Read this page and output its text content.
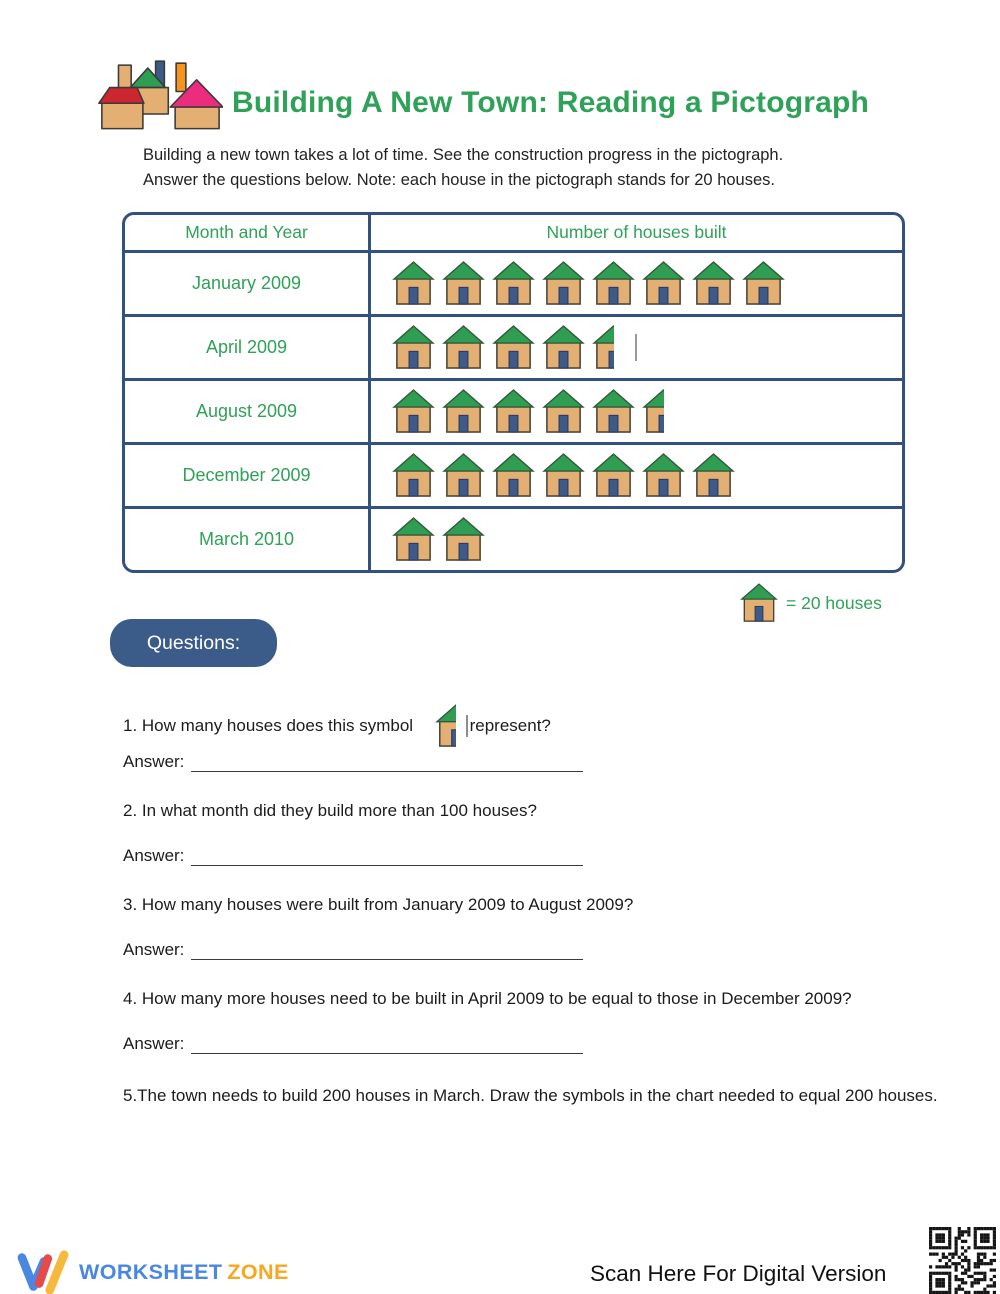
Building A New Town: Reading a Pictograph
Building a new town takes a lot of time. See the construction progress in the pictograph.
Answer the questions below. Note: each house in the pictograph stands for 20 houses.
Month and Year	Number of houses built
January 2009
April 2009
August 2009
December 2009
March 2010
= 20 houses
Questions:
1. How many houses does this symbol	represent?
Answer:
2. In what month did they build more than 100 houses?
Answer:
3. How many houses were built from January 2009 to August 2009?
Answer:
4. How many more houses need to be built in April 2009 to be equal to those in December 2009?
Answer:
5.The town needs to build 200 houses in March. Draw the symbols in the chart needed to equal 200 houses.
WORKSHEET ZONE	Scan Here For Digital Version
